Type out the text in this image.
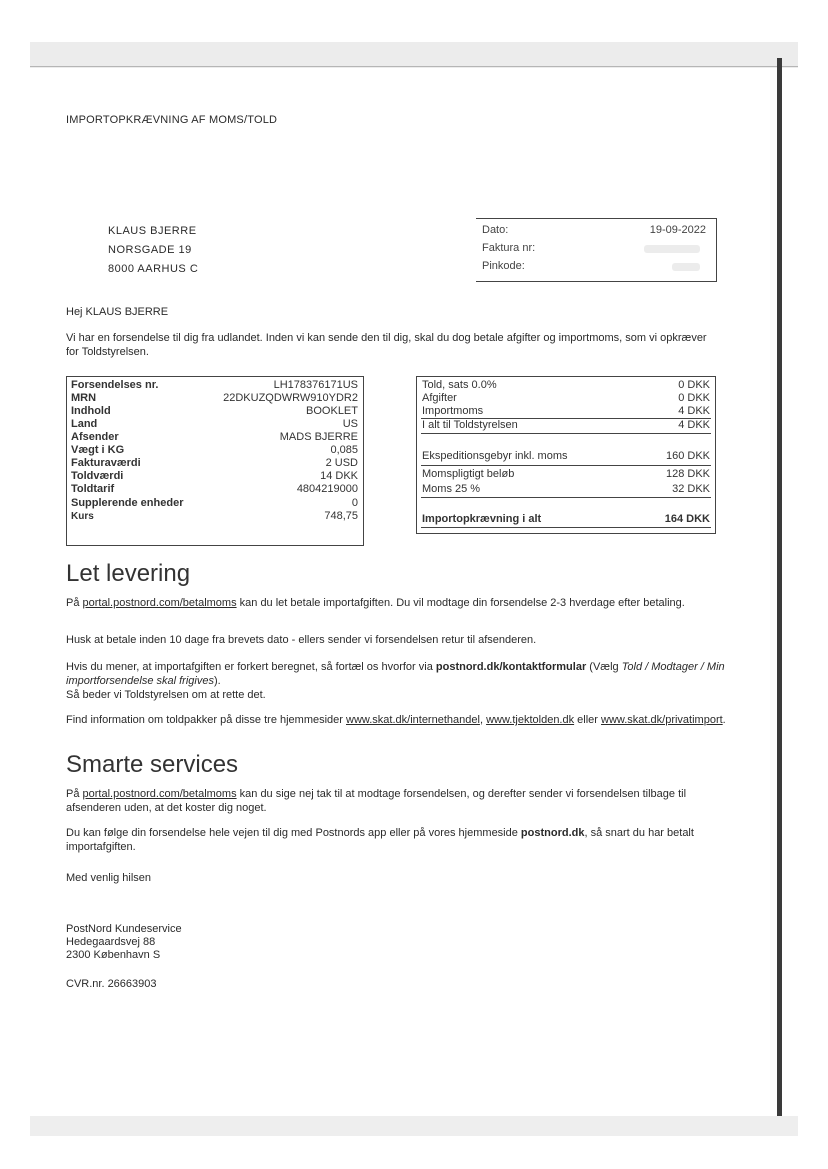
IMPORTOPKRÆVNING AF MOMS/TOLD
KLAUS BJERRE
NORSGADE 19
8000 AARHUS C
Dato:	19-09-2022
Faktura nr:
Pinkode:
Hej KLAUS BJERRE
Vi har en forsendelse til dig fra udlandet. Inden vi kan sende den til dig, skal du dog betale afgifter og importmoms, som vi opkræver for Toldstyrelsen.
Forsendelses nr.	LH178376171US
MRN	22DKUZQDWRW910YDR2
Indhold	BOOKLET
Land	US
Afsender	MADS BJERRE
Vægt i KG	0,085
Fakturaværdi	2 USD
Toldværdi	14 DKK
Toldtarif	4804219000
Supplerende enheder	0
Kurs	748,75
Told, sats 0.0%	0 DKK
Afgifter	0 DKK
Importmoms	4 DKK
I alt til Toldstyrelsen	4 DKK
Ekspeditionsgebyr inkl. moms	160 DKK
Momspligtigt beløb	128 DKK
Moms 25 %	32 DKK
Importopkrævning i alt	164 DKK
Let levering
På portal.postnord.com/betalmoms kan du let betale importafgiften. Du vil modtage din forsendelse 2-3 hverdage efter betaling.
Husk at betale inden 10 dage fra brevets dato - ellers sender vi forsendelsen retur til afsenderen.
Hvis du mener, at importafgiften er forkert beregnet, så fortæl os hvorfor via postnord.dk/kontaktformular (Vælg Told / Modtager / Min importforsendelse skal frigives).
Så beder vi Toldstyrelsen om at rette det.
Find information om toldpakker på disse tre hjemmesider www.skat.dk/internethandel, www.tjektolden.dk eller www.skat.dk/privatimport.
Smarte services
På portal.postnord.com/betalmoms kan du sige nej tak til at modtage forsendelsen, og derefter sender vi forsendelsen tilbage til afsenderen uden, at det koster dig noget.
Du kan følge din forsendelse hele vejen til dig med Postnords app eller på vores hjemmeside postnord.dk, så snart du har betalt importafgiften.
Med venlig hilsen
PostNord Kundeservice
Hedegaardsvej 88
2300 København S
CVR.nr. 26663903
